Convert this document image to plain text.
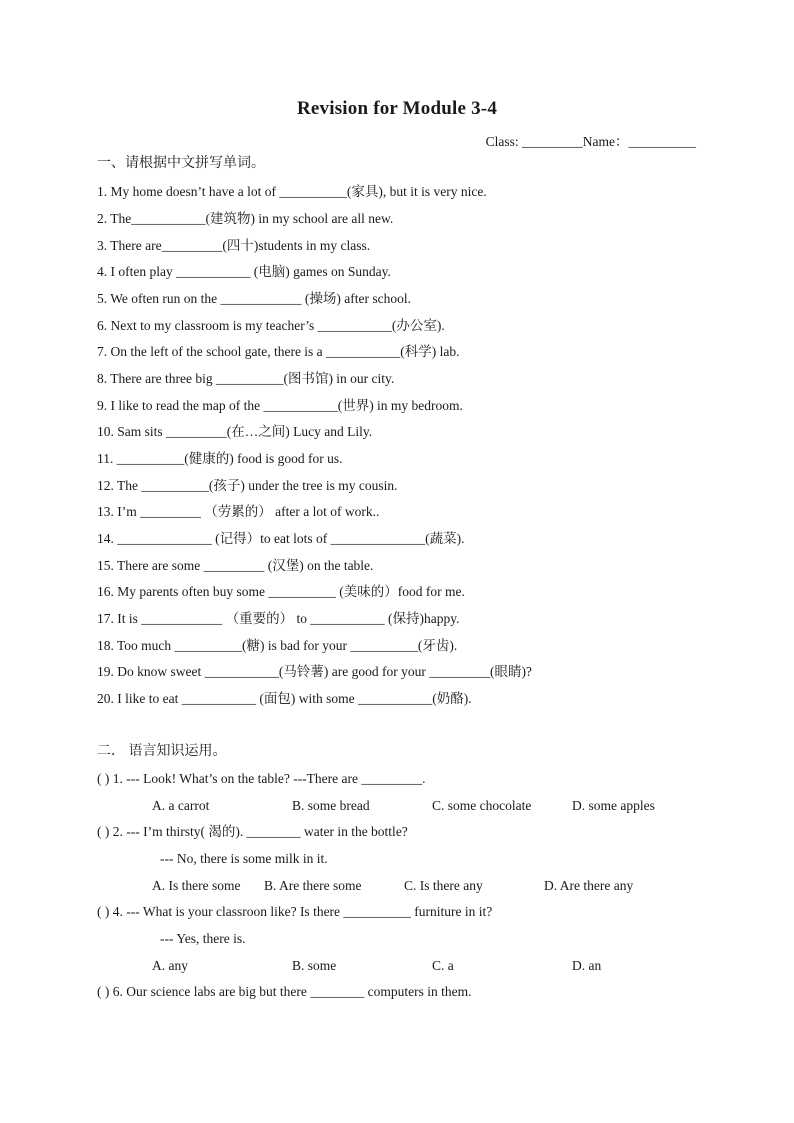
Revision for Module 3-4
Class: _________Name：__________
一、请根据中文拼写单词。
1. My home doesn’t have a lot of __________(家具), but it is very nice.
2. The___________(建筑物) in my school are all new.
3. There are_________(四十)students in my class.
4. I often play ___________ (电脑) games on Sunday.
5. We often run on the ____________ (操场) after school.
6. Next to my classroom is my teacher’s ___________(办公室).
7. On the left of the school gate, there is a ___________(科学) lab.
8. There are three big __________(图书馆) in our city.
9. I like to read the map of the ___________(世界) in my bedroom.
10. Sam sits _________(在…之间) Lucy and Lily.
11. __________(健康的) food is good for us.
12. The __________(孩子) under the tree is my cousin.
13. I’m _________ （劳累的） after a lot of work..
14. ______________ (记得）to eat lots of ______________(蔬菜).
15. There are some _________ (汉堡) on the table.
16. My parents often buy some __________ (美味的）food for me.
17. It is ____________ （重要的） to ___________ (保持)happy.
18. Too much __________(糖) is bad for your __________(牙齿).
19. Do know sweet ___________(马铃薯) are good for your _________(眼睛)?
20. I like to eat ___________ (面包) with some ___________(奶酪).
二． 语言知识运用。
( ) 1. --- Look! What’s on the table? ---There are _________.
A. a carrot	B. some bread	C. some chocolate	D. some apples
( ) 2. --- I’m thirsty( 渴的). ________ water in the bottle?
--- No, there is some milk in it.
A. Is there some B. Are there some	C. Is there any	D. Are there any
( ) 4. --- What is your classroon like? Is there __________ furniture in it?
--- Yes, there is.
A. any	B. some	C. a	D. an
( ) 6. Our science labs are big but there ________ computers in them.
